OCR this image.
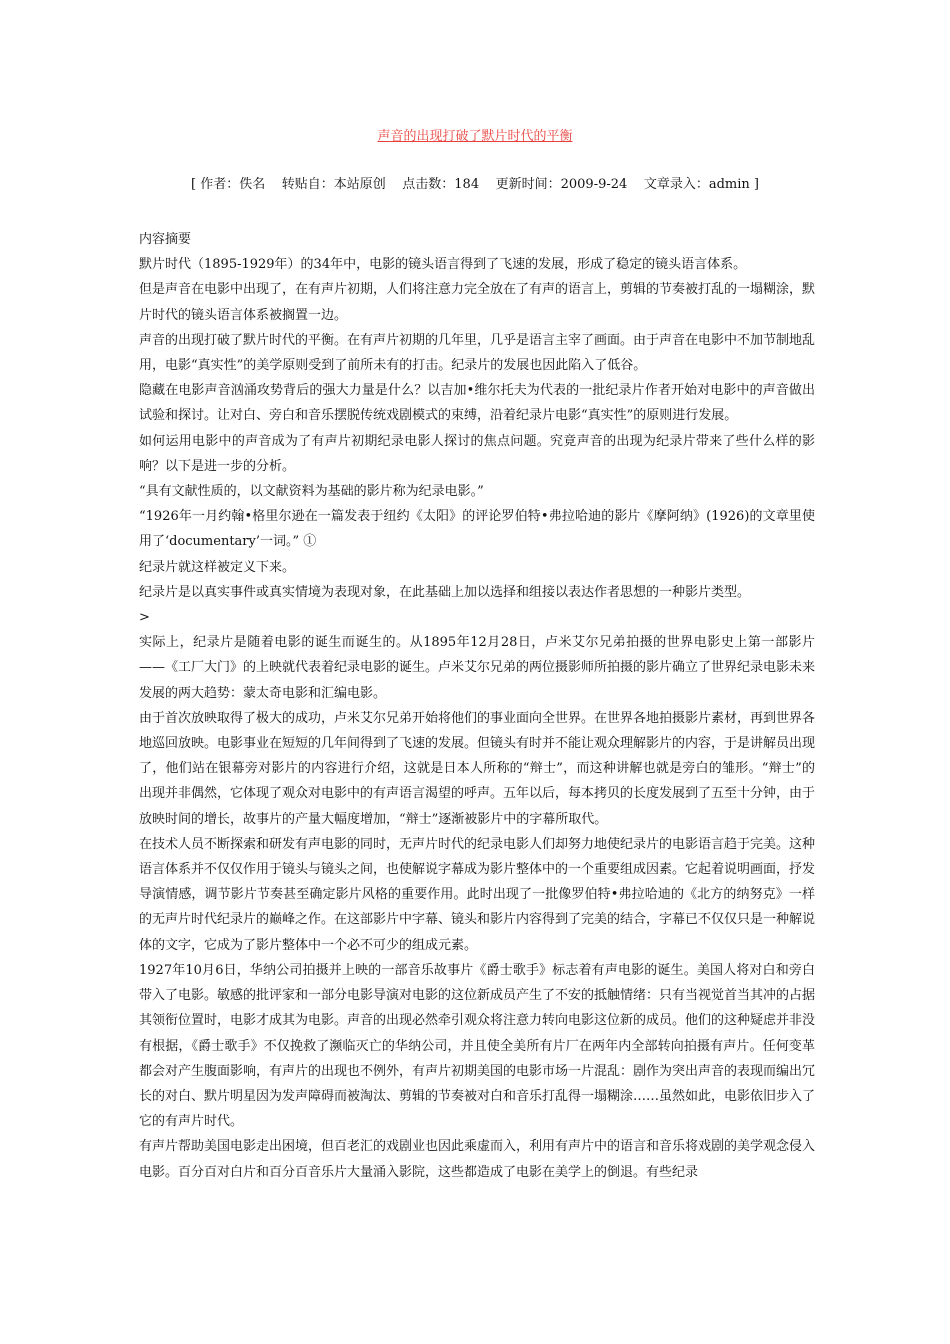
声音的出现打破了默片时代的平衡
[ 作者：佚名    转贴自：本站原创    点击数：184    更新时间：2009-9-24    文章录入：admin ]

内容摘要

默片时代（1895-1929年）的34年中，电影的镜头语言得到了飞速的发展，形成了稳定的镜头语言体系。

但是声音在电影中出现了，在有声片初期，人们将注意力完全放在了有声的语言上，剪辑的节奏被打乱的一塌糊涂，默片时代的镜头语言体系被搁置一边。

声音的出现打破了默片时代的平衡。在有声片初期的几年里，几乎是语言主宰了画面。由于声音在电影中不加节制地乱用，电影“真实性”的美学原则受到了前所未有的打击。纪录片的发展也因此陷入了低谷。

隐藏在电影声音汹涌攻势背后的强大力量是什么？以吉加•维尔托夫为代表的一批纪录片作者开始对电影中的声音做出试验和探讨。让对白、旁白和音乐摆脱传统戏剧模式的束缚，沿着纪录片电影“真实性”的原则进行发展。

如何运用电影中的声音成为了有声片初期纪录电影人探讨的焦点问题。究竟声音的出现为纪录片带来了些什么样的影响？以下是进一步的分析。

“具有文献性质的，以文献资料为基础的影片称为纪录电影。”

“1926年一月约翰•格里尔逊在一篇发表于纽约《太阳》的评论罗伯特•弗拉哈迪的影片《摩阿纳》(1926)的文章里使用了‘documentary’一词。” ①

纪录片就这样被定义下来。

纪录片是以真实事件或真实情境为表现对象，在此基础上加以选择和组接以表达作者思想的一种影片类型。

>

实际上，纪录片是随着电影的诞生而诞生的。从1895年12月28日，卢米艾尔兄弟拍摄的世界电影史上第一部影片——《工厂大门》的上映就代表着纪录电影的诞生。卢米艾尔兄弟的两位摄影师所拍摄的影片确立了世界纪录电影未来发展的两大趋势：蒙太奇电影和汇编电影。

由于首次放映取得了极大的成功，卢米艾尔兄弟开始将他们的事业面向全世界。在世界各地拍摄影片素材，再到世界各地巡回放映。电影事业在短短的几年间得到了飞速的发展。但镜头有时并不能让观众理解影片的内容，于是讲解员出现了，他们站在银幕旁对影片的内容进行介绍，这就是日本人所称的“辩士”，而这种讲解也就是旁白的雏形。“辩士”的出现并非偶然，它体现了观众对电影中的有声语言渴望的呼声。五年以后，每本拷贝的长度发展到了五至十分钟，由于放映时间的增长，故事片的产量大幅度增加，“辩士”逐渐被影片中的字幕所取代。

在技术人员不断探索和研发有声电影的同时，无声片时代的纪录电影人们却努力地使纪录片的电影语言趋于完美。这种语言体系并不仅仅作用于镜头与镜头之间，也使解说字幕成为影片整体中的一个重要组成因素。它起着说明画面，抒发导演情感，调节影片节奏甚至确定影片风格的重要作用。此时出现了一批像罗伯特•弗拉哈迪的《北方的纳努克》一样的无声片时代纪录片的巅峰之作。在这部影片中字幕、镜头和影片内容得到了完美的结合，字幕已不仅仅只是一种解说体的文字，它成为了影片整体中一个必不可少的组成元素。

1927年10月6日，华纳公司拍摄并上映的一部音乐故事片《爵士歌手》标志着有声电影的诞生。美国人将对白和旁白带入了电影。敏感的批评家和一部分电影导演对电影的这位新成员产生了不安的抵触情绪：只有当视觉首当其冲的占据其领衔位置时，电影才成其为电影。声音的出现必然牵引观众将注意力转向电影这位新的成员。他们的这种疑虑并非没有根据，《爵士歌手》不仅挽救了濒临灭亡的华纳公司，并且使全美所有片厂在两年内全部转向拍摄有声片。任何变革都会对产生腹面影响，有声片的出现也不例外，有声片初期美国的电影市场一片混乱：剧作为突出声音的表现而编出冗长的对白、默片明星因为发声障碍而被淘汰、剪辑的节奏被对白和音乐打乱得一塌糊涂……虽然如此，电影依旧步入了它的有声片时代。

有声片帮助美国电影走出困境，但百老汇的戏剧业也因此乘虚而入，利用有声片中的语言和音乐将戏剧的美学观念侵入电影。百分百对白片和百分百音乐片大量涌入影院，这些都造成了电影在美学上的倒退。有些纪录
